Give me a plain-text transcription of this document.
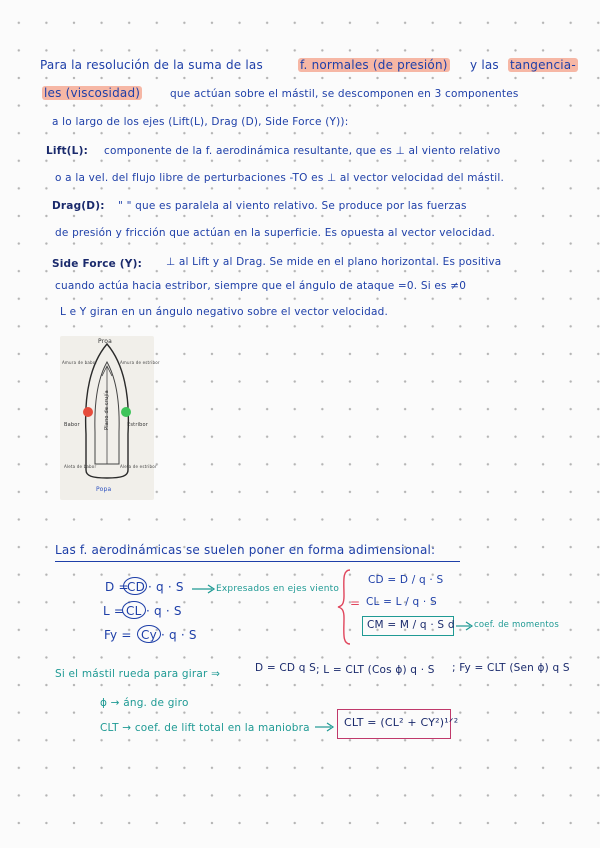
Para la resolución de la suma de las	f. normales (de presión) y las tangencia-
les (viscosidad)	que actúan sobre el mástil, se descomponen en 3 componentes
a lo largo de los ejes (Lift(L), Drag (D), Side Force (Y)):
Lift(L): componente de la f. aerodinámica resultante, que es ⊥ al viento relativo
o a la vel. del flujo libre de perturbaciones -TO es ⊥ al vector velocidad del mástil.
Drag(D): " " que es paralela al viento relativo. Se produce por las fuerzas
de presión y fricción que actúan en la superficie. Es opuesta al vector velocidad.
Side Force (Y): ⊥ al Lift y al Drag. Se mide en el plano horizontal. Es positiva
cuando actúa hacia estribor, siempre que el ángulo de ataque =0. Si es ≠0
L e Y giran en un ángulo negativo sobre el vector velocidad.
Proa
Amura de babor	Amura de estribor
Babor	Estribor
Plano de crujía
Aleta de babor	Aleta de estribor
Popa
Las f. aerodinámicas se suelen poner en forma adimensional:
D =
CD · q · S
L = CL · q · S
Fy = Cy · q · S
Expresados en ejes viento
=
CD = D / q · S
CL = L / q · S
CM = M / q · S d coef. de momentos
Si el mástil rueda para girar ⇒	D = CD q S ; L = CLT (Cos ϕ) q · S ; Fy = CLT (Sen ϕ) q S
ϕ → áng. de giro
CLT → coef. de lift total en la maniobra	CLT = (CL² + CY²)¹ᐟ²
